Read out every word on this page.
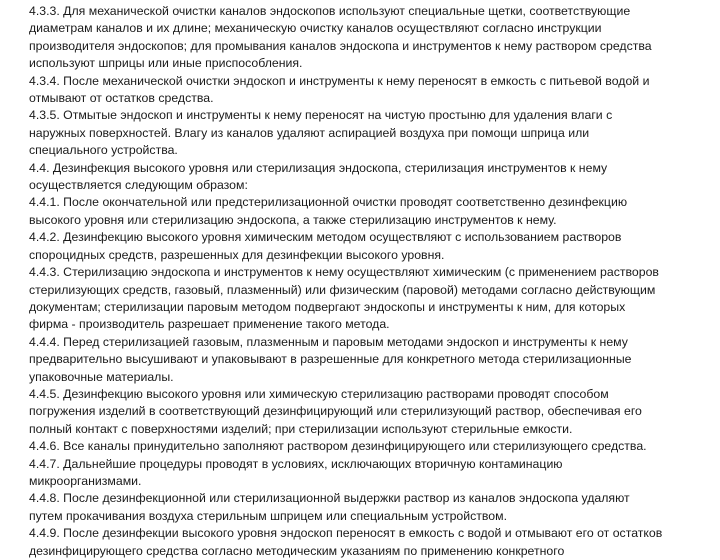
4.3.3. Для механической очистки каналов эндоскопов используют специальные щетки, соответствующие
диаметрам каналов и их длине; механическую очистку каналов осуществляют согласно инструкции
производителя эндоскопов; для промывания каналов эндоскопа и инструментов к нему раствором средства
используют шприцы или иные приспособления.
4.3.4. После механической очистки эндоскоп и инструменты к нему переносят в емкость с питьевой водой и
отмывают от остатков средства.
4.3.5. Отмытые эндоскоп и инструменты к нему переносят на чистую простыню для удаления влаги с
наружных поверхностей. Влагу из каналов удаляют аспирацией воздуха при помощи шприца или
специального устройства.
4.4. Дезинфекция высокого уровня или стерилизация эндоскопа, стерилизация инструментов к нему
осуществляется следующим образом:
4.4.1. После окончательной или предстерилизационной очистки проводят соответственно дезинфекцию
высокого уровня или стерилизацию эндоскопа, а также стерилизацию инструментов к нему.
4.4.2. Дезинфекцию высокого уровня химическим методом осуществляют с использованием растворов
спороцидных средств, разрешенных для дезинфекции высокого уровня.
4.4.3. Стерилизацию эндоскопа и инструментов к нему осуществляют химическим (с применением растворов
стерилизующих средств, газовый, плазменный) или физическим (паровой) методами согласно действующим
документам; стерилизации паровым методом подвергают эндоскопы и инструменты к ним, для которых
фирма - производитель разрешает применение такого метода.
4.4.4. Перед стерилизацией газовым, плазменным и паровым методами эндоскоп и инструменты к нему
предварительно высушивают и упаковывают в разрешенные для конкретного метода стерилизационные
упаковочные материалы.
4.4.5. Дезинфекцию высокого уровня или химическую стерилизацию растворами проводят способом
погружения изделий в соответствующий дезинфицирующий или стерилизующий раствор, обеспечивая его
полный контакт с поверхностями изделий; при стерилизации используют стерильные емкости.
4.4.6. Все каналы принудительно заполняют раствором дезинфицирующего или стерилизующего средства.
4.4.7. Дальнейшие процедуры проводят в условиях, исключающих вторичную контаминацию
микроорганизмами.
4.4.8. После дезинфекционной или стерилизационной выдержки раствор из каналов эндоскопа удаляют
путем прокачивания воздуха стерильным шприцем или специальным устройством.
4.4.9. После дезинфекции высокого уровня эндоскоп переносят в емкость с водой и отмывают его от остатков
дезинфицирующего средства согласно методическим указаниям по применению конкретного
